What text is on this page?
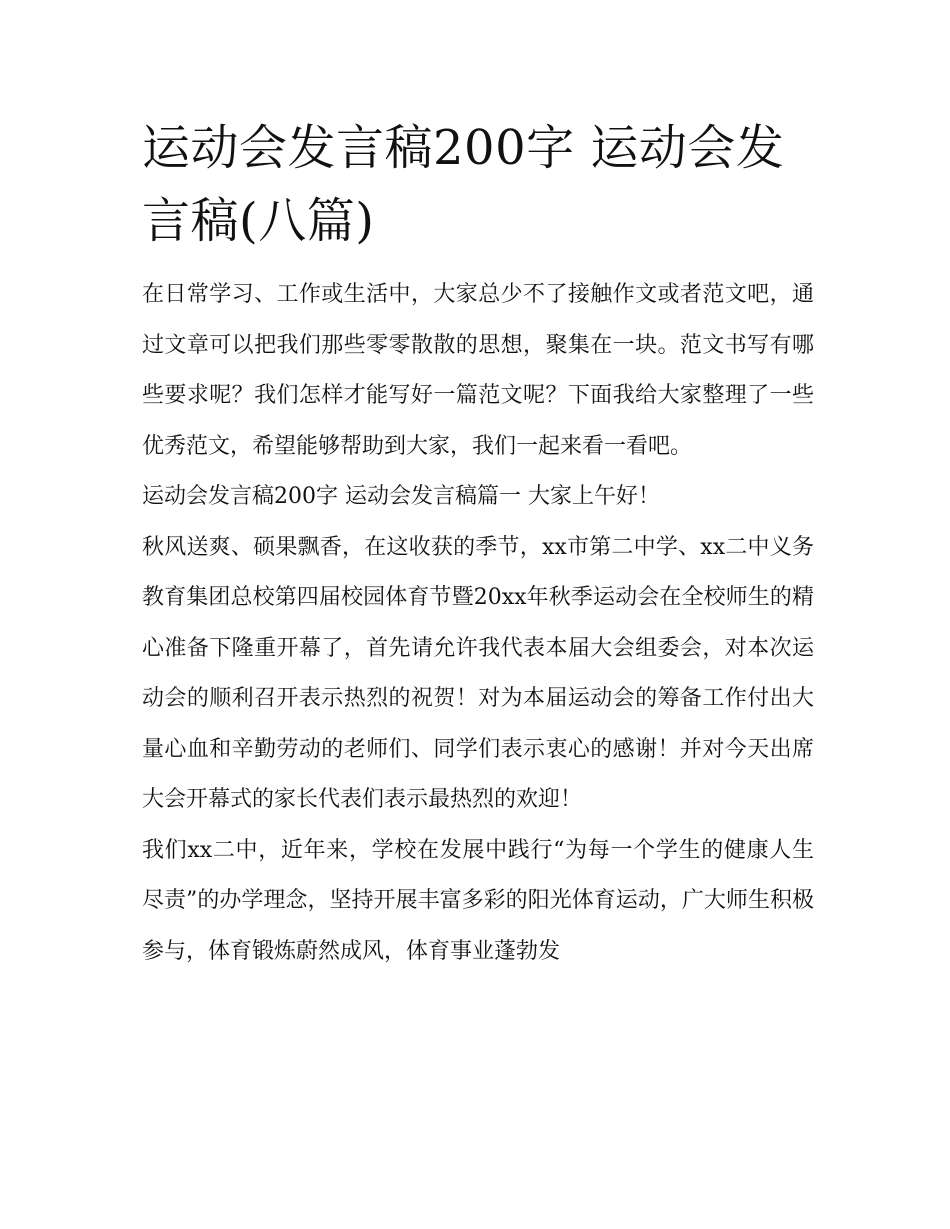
运动会发言稿200字 运动会发言稿(八篇)

在日常学习、工作或生活中，大家总少不了接触作文或者范文吧，通过文章可以把我们那些零零散散的思想，聚集在一块。范文书写有哪些要求呢？我们怎样才能写好一篇范文呢？下面我给大家整理了一些优秀范文，希望能够帮助到大家，我们一起来看一看吧。

运动会发言稿200字 运动会发言稿篇一 大家上午好！

秋风送爽、硕果飘香，在这收获的季节，xx市第二中学、xx二中义务教育集团总校第四届校园体育节暨20xx年秋季运动会在全校师生的精心准备下隆重开幕了，首先请允许我代表本届大会组委会，对本次运动会的顺利召开表示热烈的祝贺！对为本届运动会的筹备工作付出大量心血和辛勤劳动的老师们、同学们表示衷心的感谢！并对今天出席大会开幕式的家长代表们表示最热烈的欢迎！

我们xx二中，近年来，学校在发展中践行“为每一个学生的健康人生尽责”的办学理念，坚持开展丰富多彩的阳光体育运动，广大师生积极参与，体育锻炼蔚然成风，体育事业蓬勃发
